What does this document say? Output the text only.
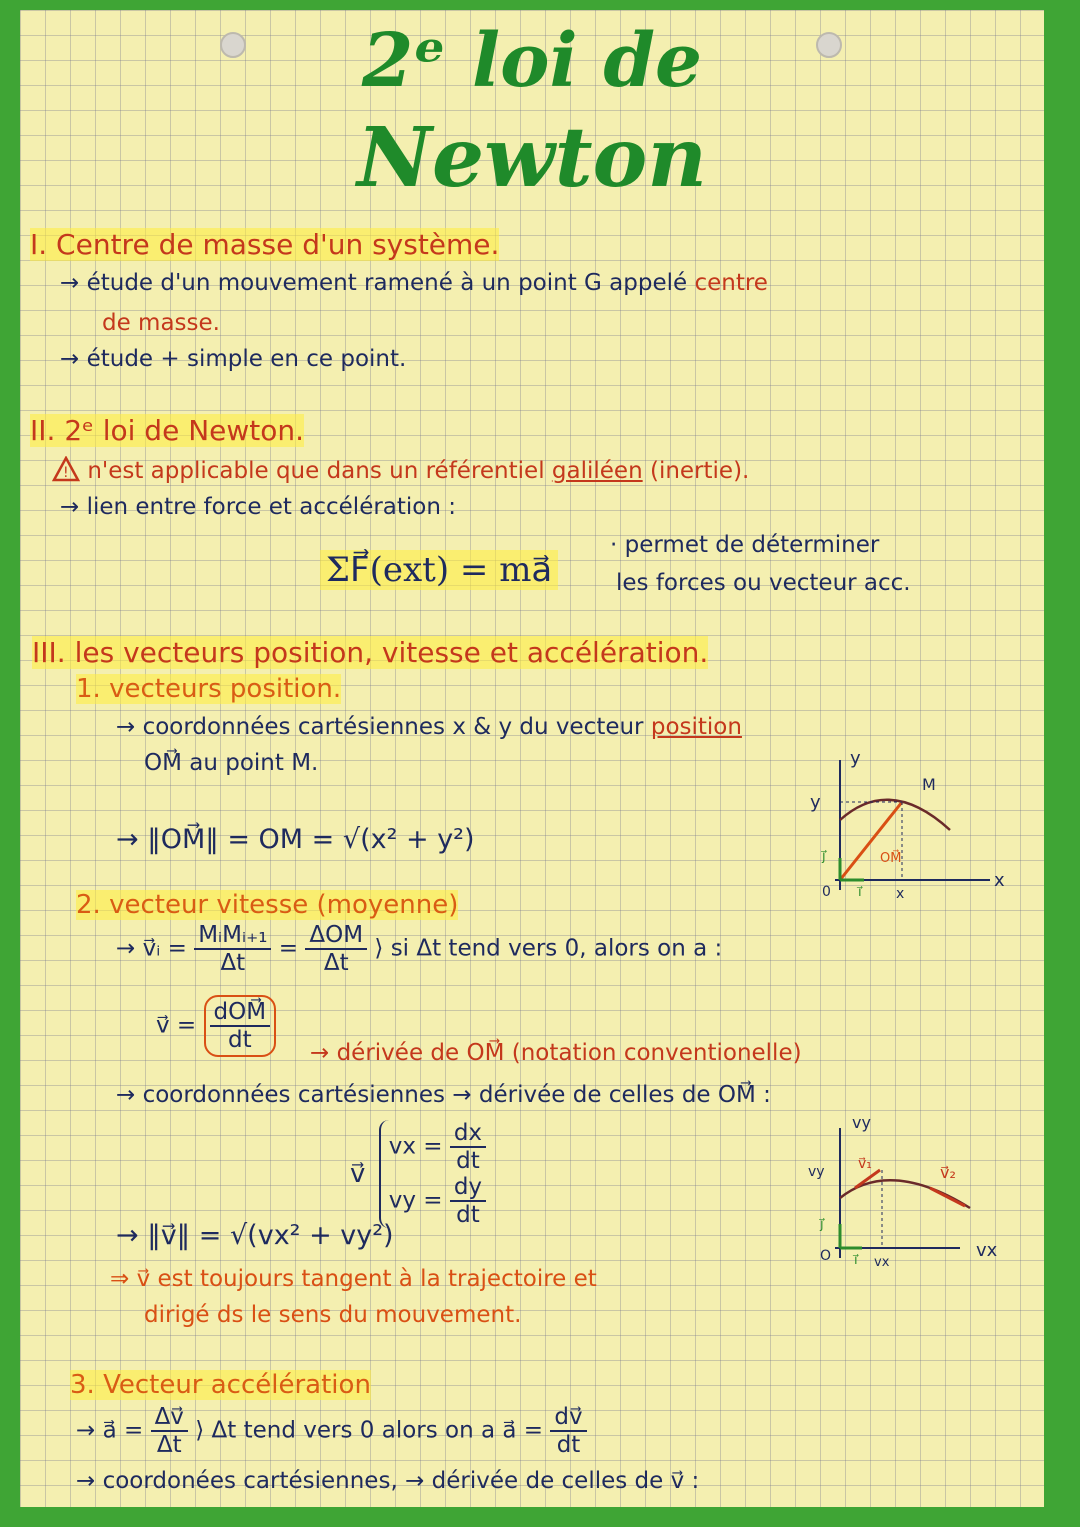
2ᵉ loi de
Newton
I. Centre de masse d'un système.
→ étude d'un mouvement ramené à un point G appelé centre
de masse.
→ étude + simple en ce point.
II. 2ᵉ loi de Newton.
! n'est applicable que dans un référentiel galiléen (inertie).
→ lien entre force et accélération :
ΣF⃗(ext) = ma⃗
· permet de déterminer
les forces ou vecteur acc.
III. les vecteurs position, vitesse et accélération.
1. vecteurs position.
→ coordonnées cartésiennes x & y du vecteur position
OM⃗ au point M.
→ ‖OM⃗‖ = OM = √(x² + y²)
y
x
0
M
i⃗
j⃗	OM⃗
y
x
2. vecteur vitesse (moyenne)
→ v⃗ᵢ = $\frac{\text{MᵢMᵢ₊₁}}{\Delta t} = \frac{\text{ΔOM}}{\Delta t}$ ⟩ si Δt tend vers 0, alors on a :
v⃗ = $\frac{\text{dOM⃗}}{dt}$ → dérivée de OM⃗ (notation conventionelle)
→ coordonnées cartésiennes → dérivée de celles de OM⃗ :
v⃗
vx = $\frac{dx}{dt}$
vy = $\frac{dy}{dt}$
→ ‖v⃗‖ = √(vx² + vy²)
⇒ v⃗ est toujours tangent à la trajectoire et
dirigé ds le sens du mouvement.
vy
vx
O i⃗
j⃗
v⃗₁	v⃗₂
vy
vx
3. Vecteur accélération
→ a⃗ = $\frac{\Delta v⃗}{\Delta t}$ ⟩ Δt tend vers 0 alors on a a⃗ = $\frac{dv⃗}{dt}$
→ coordonées cartésiennes, → dérivée de celles de v⃗ :
